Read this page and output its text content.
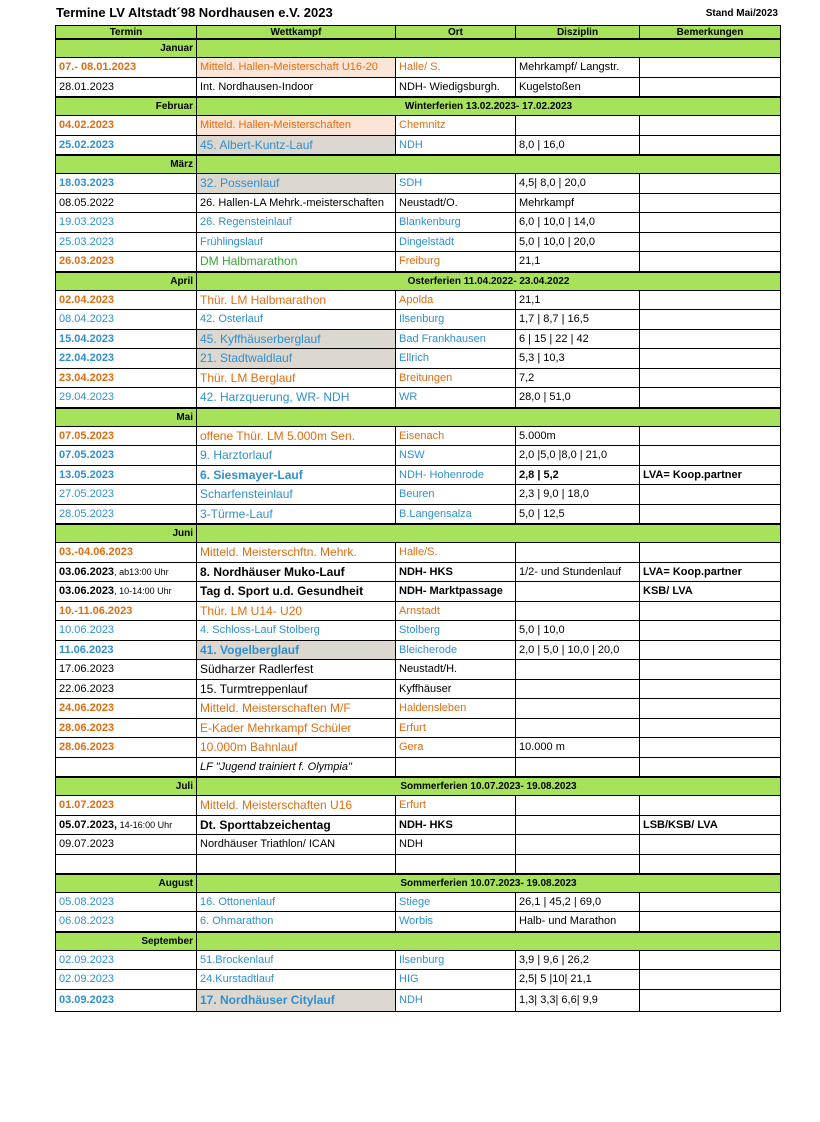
Termine LV Altstadt´98 Nordhausen e.V. 2023	Stand Mai/2023
Termin	Wettkampf	Ort	Disziplin	Bemerkungen
Januar				
07.- 08.01.2023	Mitteld. Hallen-Meisterschaft U16-20	Halle/ S.	Mehrkampf/ Langstr.	
28.01.2023	Int. Nordhausen-Indoor	NDH- Wiedigsburgh.	Kugelstoßen	
Februar	Winterferien 13.02.2023- 17.02.2023			
04.02.2023	Mitteld. Hallen-Meisterschaften	Chemnitz		
25.02.2023	45. Albert-Kuntz-Lauf	NDH	8,0 | 16,0	
März				
18.03.2023	32. Possenlauf	SDH	4,5| 8,0 | 20,0	
08.05.2022	26. Hallen-LA Mehrk.-meisterschaften	Neustadt/O.	Mehrkampf	
19.03.2023	26. Regensteinlauf	Blankenburg	6,0 | 10,0 | 14,0	
25.03.2023	Frühlingslauf	Dingelstädt	5,0 | 10,0 | 20,0	
26.03.2023	DM Halbmarathon	Freiburg	21,1	
April	Osterferien 11.04.2022- 23.04.2022			
02.04.2023	Thür. LM Halbmarathon	Apolda	21,1	
08.04.2023	42. Osterlauf	Ilsenburg	1,7 | 8,7 | 16,5	
15.04.2023	45. Kyffhäuserberglauf	Bad Frankhausen	6 | 15 | 22 | 42	
22.04.2023	21. Stadtwaldlauf	Ellrich	5,3 | 10,3	
23.04.2023	Thür. LM Berglauf	Breitungen	7,2	
29.04.2023	42. Harzquerung, WR- NDH	WR	28,0 | 51,0	
Mai				
07.05.2023	offene Thür. LM 5.000m Sen.	Eisenach	5.000m	
07.05.2023	9. Harztorlauf	NSW	2,0 |5,0 |8,0 | 21,0	
13.05.2023	6. Siesmayer-Lauf	NDH- Hohenrode	2,8 | 5,2	LVA= Koop.partner
27.05.2023	Scharfensteinlauf	Beuren	2,3 | 9,0 | 18,0	
28.05.2023	3-Türme-Lauf	B.Langensalza	5,0 | 12,5	
Juni				
03.-04.06.2023	Mitteld. Meisterschftn. Mehrk.	Halle/S.		
03.06.2023, ab13:00 Uhr	8. Nordhäuser Muko-Lauf	NDH- HKS	1/2- und Stundenlauf	LVA= Koop.partner
03.06.2023, 10-14:00 Uhr	Tag d. Sport u.d. Gesundheit	NDH- Marktpassage		KSB/ LVA
10.-11.06.2023	Thür. LM U14- U20	Arnstadt		
10.06.2023	4. Schloss-Lauf Stolberg	Stolberg	5,0 | 10,0	
11.06.2023	41. Vogelberglauf	Bleicherode	2,0 | 5,0 | 10,0 | 20,0	
17.06.2023	Südharzer Radlerfest	Neustadt/H.		
22.06.2023	15. Turmtreppenlauf	Kyffhäuser		
24.06.2023	Mitteld. Meisterschaften M/F	Haldensleben		
28.06.2023	E-Kader Mehrkampf Schüler	Erfurt		
28.06.2023	10.000m Bahnlauf	Gera	10.000 m	
	LF "Jugend trainiert f. Olympia"			
Juli	Sommerferien 10.07.2023- 19.08.2023			
01.07.2023	Mitteld. Meisterschaften U16	Erfurt		
05.07.2023, 14-16:00 Uhr	Dt. Sporttabzeichentag	NDH- HKS		LSB/KSB/ LVA
09.07.2023	Nordhäuser Triathlon/ ICAN	NDH		

August	Sommerferien 10.07.2023- 19.08.2023			
05.08.2023	16. Ottonenlauf	Stiege	26,1 | 45,2 | 69,0	
06.08.2023	6. Ohmarathon	Worbis	Halb- und Marathon	
September				
02.09.2023	51.Brockenlauf	Ilsenburg	3,9 | 9,6 | 26,2	
02.09.2023	24.Kurstadtlauf	HIG	2,5| 5 |10| 21,1	
03.09.2023	17. Nordhäuser Citylauf	NDH	1,3| 3,3| 6,6| 9,9	
